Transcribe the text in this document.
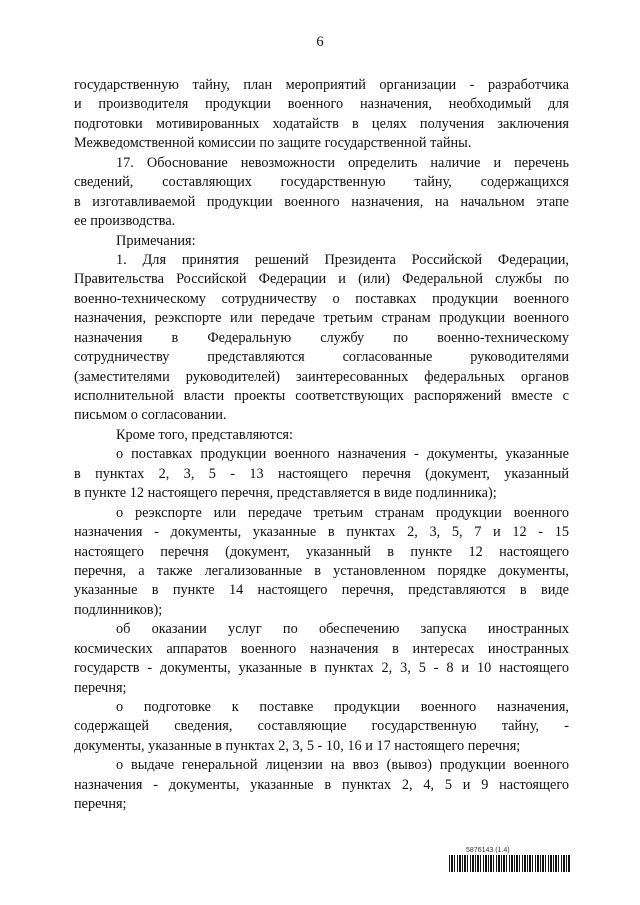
6
государственную тайну, план мероприятий организации - разработчика
и производителя продукции военного назначения, необходимый для
подготовки мотивированных ходатайств в целях получения заключения
Межведомственной комиссии по защите государственной тайны.
17. Обоснование невозможности определить наличие и перечень
сведений, составляющих государственную тайну, содержащихся
в изготавливаемой продукции военного назначения, на начальном этапе
ее производства.
Примечания:
1. Для принятия решений Президента Российской Федерации,
Правительства Российской Федерации и (или) Федеральной службы по
военно-техническому сотрудничеству о поставках продукции военного
назначения, реэкспорте или передаче третьим странам продукции военного
назначения в Федеральную службу по военно-техническому
сотрудничеству представляются согласованные руководителями
(заместителями руководителей) заинтересованных федеральных органов
исполнительной власти проекты соответствующих распоряжений вместе с
письмом о согласовании.
Кроме того, представляются:
о поставках продукции военного назначения - документы, указанные
в пунктах 2, 3, 5 - 13 настоящего перечня (документ, указанный
в пункте 12 настоящего перечня, представляется в виде подлинника);
о реэкспорте или передаче третьим странам продукции военного
назначения - документы, указанные в пунктах 2, 3, 5, 7 и 12 - 15
настоящего перечня (документ, указанный в пункте 12 настоящего
перечня, а также легализованные в установленном порядке документы,
указанные в пункте 14 настоящего перечня, представляются в виде
подлинников);
об оказании услуг по обеспечению запуска иностранных
космических аппаратов военного назначения в интересах иностранных
государств - документы, указанные в пунктах 2, 3, 5 - 8 и 10 настоящего
перечня;
о подготовке к поставке продукции военного назначения,
содержащей сведения, составляющие государственную тайну, -
документы, указанные в пунктах 2, 3, 5 - 10, 16 и 17 настоящего перечня;
о выдаче генеральной лицензии на ввоз (вывоз) продукции военного
назначения - документы, указанные в пунктах 2, 4, 5 и 9 настоящего
перечня;
5876143 (1.4)
